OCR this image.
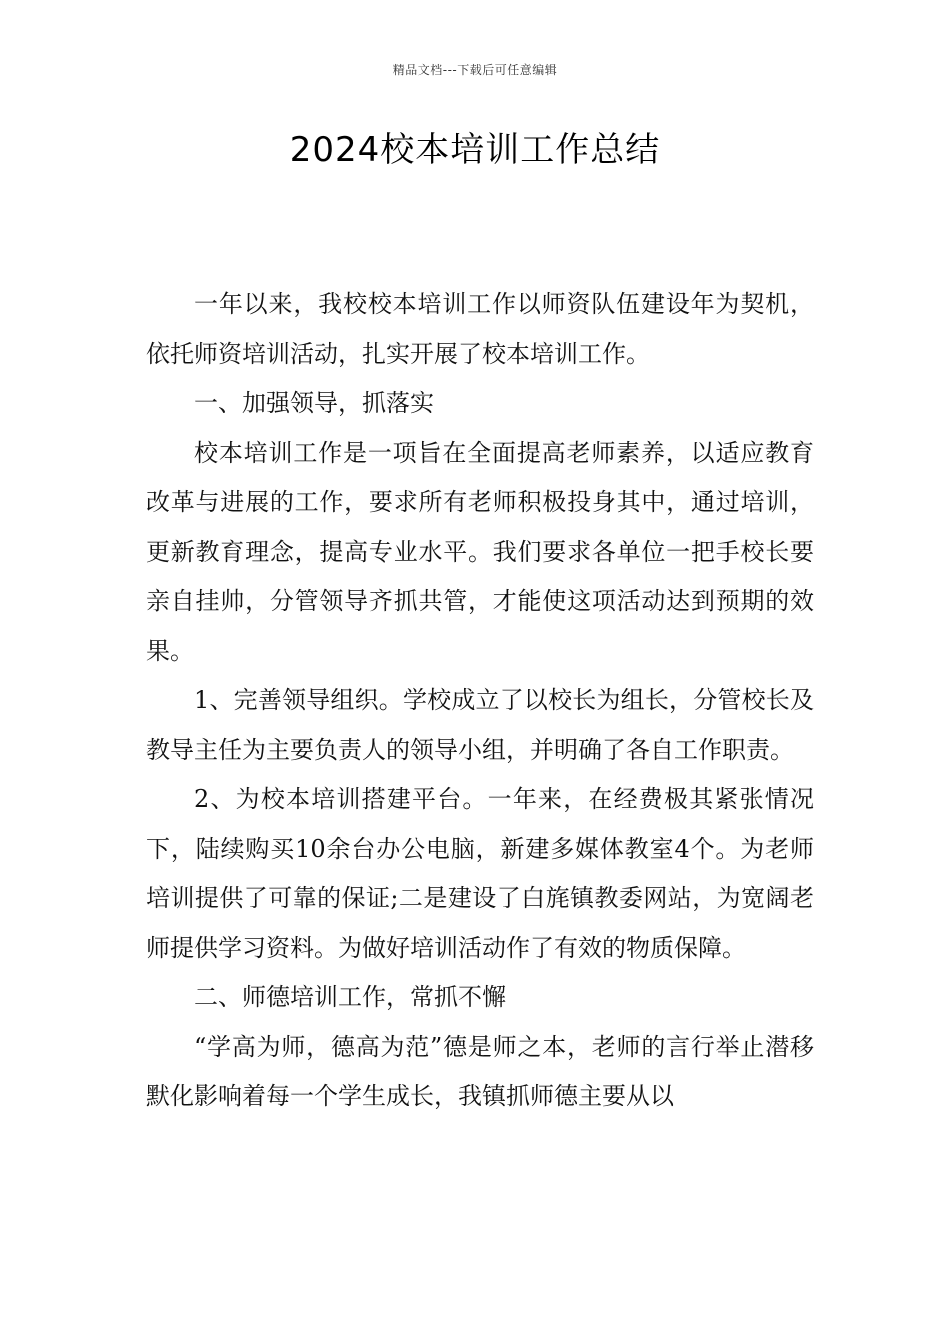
精品文档---下载后可任意编辑
2024校本培训工作总结

一年以来，我校校本培训工作以师资队伍建设年为契机，依托师资培训活动，扎实开展了校本培训工作。

一、加强领导，抓落实

校本培训工作是一项旨在全面提高老师素养，以适应教育改革与进展的工作，要求所有老师积极投身其中，通过培训，更新教育理念，提高专业水平。我们要求各单位一把手校长要亲自挂帅，分管领导齐抓共管，才能使这项活动达到预期的效果。

1、完善领导组织。学校成立了以校长为组长，分管校长及教导主任为主要负责人的领导小组，并明确了各自工作职责。

2、为校本培训搭建平台。一年来，在经费极其紧张情况下，陆续购买10余台办公电脑，新建多媒体教室4个。为老师培训提供了可靠的保证;二是建设了白旄镇教委网站，为宽阔老师提供学习资料。为做好培训活动作了有效的物质保障。

二、师德培训工作，常抓不懈

“学高为师，德高为范”德是师之本，老师的言行举止潜移默化影响着每一个学生成长，我镇抓师德主要从以
